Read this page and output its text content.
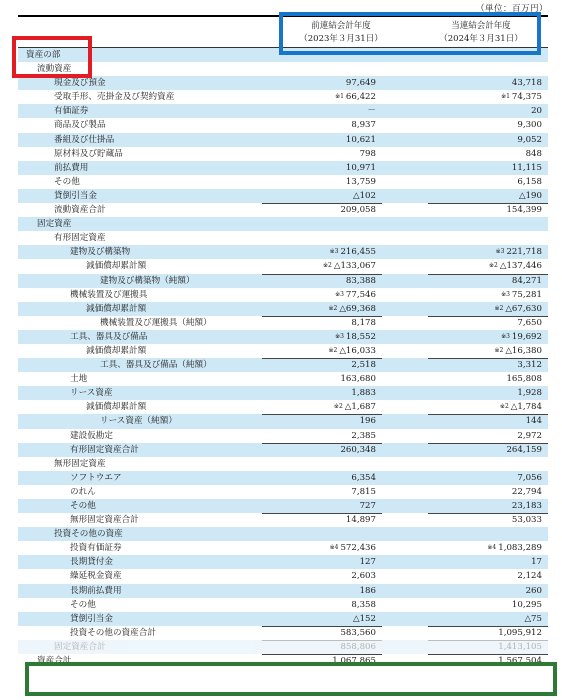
（単位：百万円）
前連結会計年度
（2023年３月31日）
当連結会計年度
（2024年３月31日）
資産の部
流動資産
現金及び預金	97,649	43,718
受取手形、売掛金及び契約資産	※1 66,422	※1 74,375
有価証券	－	20
商品及び製品	8,937	9,300
番組及び仕掛品	10,621	9,052
原材料及び貯蔵品	798	848
前払費用	10,971	11,115
その他	13,759	6,158
貸倒引当金	△102	△190
流動資産合計	209,058	154,399
固定資産
有形固定資産
建物及び構築物	※3 216,455	※3 221,718
減価償却累計額	※2 △133,067	※2 △137,446
建物及び構築物（純額）	83,388	84,271
機械装置及び運搬具	※3 77,546	※3 75,281
減価償却累計額	※2 △69,368	※2 △67,630
機械装置及び運搬具（純額）	8,178	7,650
工具、器具及び備品	※3 18,552	※3 19,692
減価償却累計額	※2 △16,033	※2 △16,380
工具、器具及び備品（純額）	2,518	3,312
土地	163,680	165,808
リース資産	1,883	1,928
減価償却累計額	※2 △1,687	※2 △1,784
リース資産（純額）	196	144
建設仮勘定	2,385	2,972
有形固定資産合計	260,348	264,159
無形固定資産
ソフトウエア	6,354	7,056
のれん	7,815	22,794
その他	727	23,183
無形固定資産合計	14,897	53,033
投資その他の資産
投資有価証券	※4 572,436	※4 1,083,289
長期貸付金	127	17
繰延税金資産	2,603	2,124
長期前払費用	186	260
その他	8,358	10,295
貸倒引当金	△152	△75
投資その他の資産合計	583,560	1,095,912
固定資産合計	858,806	1,413,105
資産合計	1,067,865	1,567,504
